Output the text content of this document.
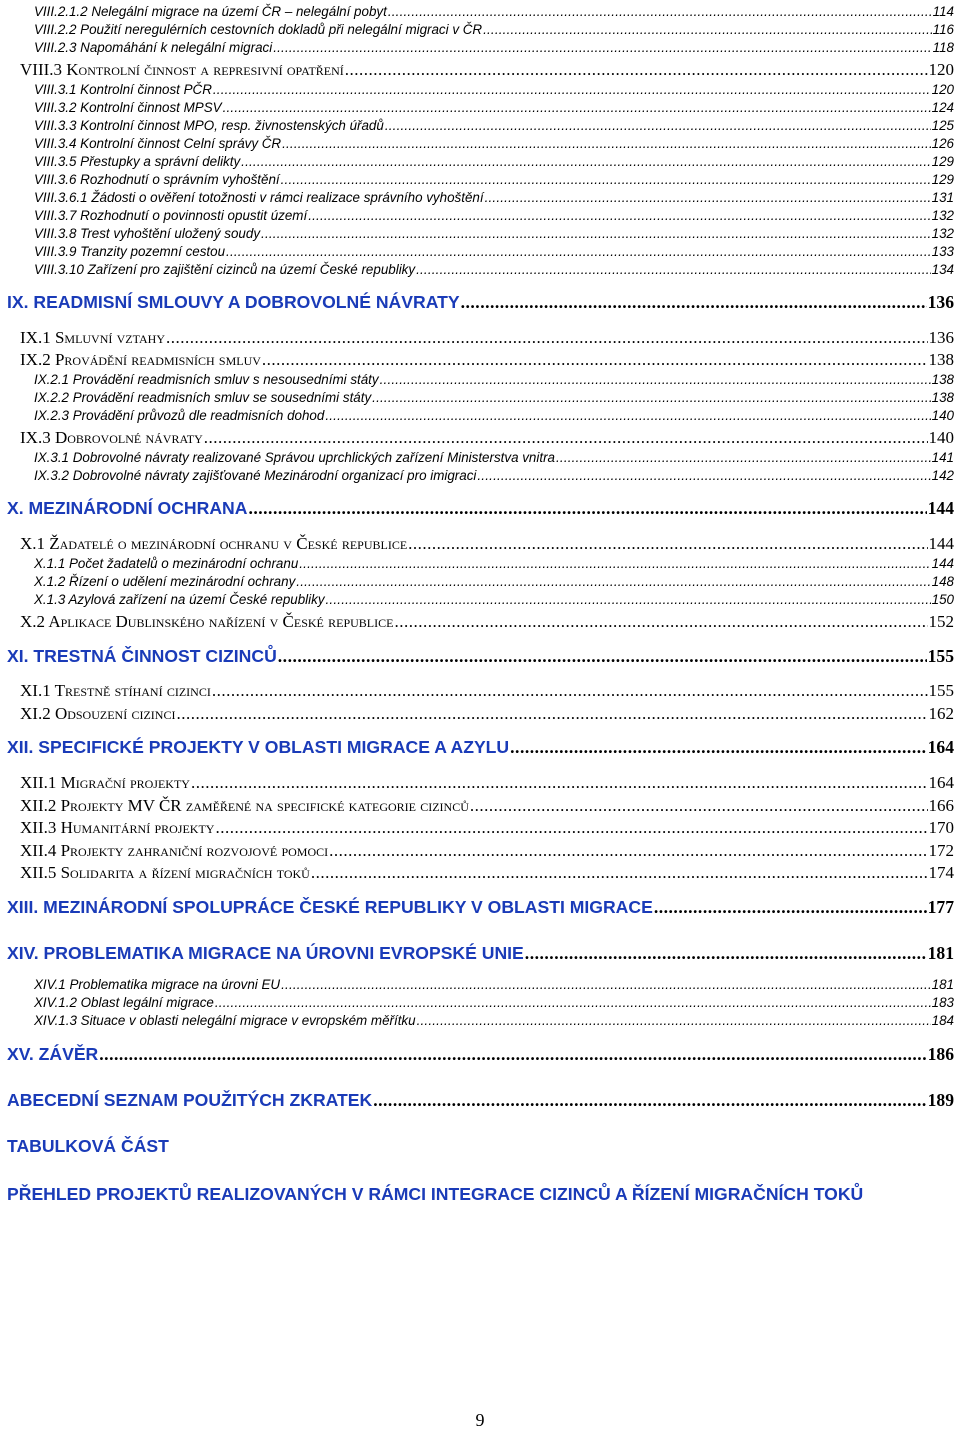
VIII.2.1.2 Nelegální migrace na území ČR – nelegální pobyt .....	114
VIII.2.2 Použití neregulérních cestovních dokladů při nelegální migraci v ČR .....	116
VIII.2.3 Napomáhání k nelegální migraci .....	118
VIII.3 Kontrolní činnost a represivní opatření .....	120
VIII.3.1 Kontrolní činnost PČR .....	120
VIII.3.2 Kontrolní činnost MPSV .....	124
VIII.3.3 Kontrolní činnost MPO, resp. živnostenských úřadů .....	125
VIII.3.4 Kontrolní činnost Celní správy ČR .....	126
VIII.3.5 Přestupky a správní delikty .....	129
VIII.3.6 Rozhodnutí o správním vyhoštění .....	129
VIII.3.6.1 Žádosti o ověření totožnosti v rámci realizace správního vyhoštění .....	131
VIII.3.7 Rozhodnutí o povinnosti opustit území .....	132
VIII.3.8 Trest vyhoštění uložený soudy .....	132
VIII.3.9 Tranzity pozemní cestou .....	133
VIII.3.10 Zařízení pro zajištění cizinců na území České republiky .....	134
IX. READMISNÍ SMLOUVY A DOBROVOLNÉ NÁVRATY .....	136
IX.1 Smluvní vztahy .....	136
IX.2 Provádění readmisních smluv .....	138
IX.2.1 Provádění readmisních smluv s nesousedními státy .....	138
IX.2.2 Provádění readmisních smluv se sousedními státy .....	138
IX.2.3 Provádění průvozů dle readmisních dohod .....	140
IX.3 Dobrovolné návraty .....	140
IX.3.1 Dobrovolné návraty realizované Správou uprchlických zařízení Ministerstva vnitra .....	141
IX.3.2 Dobrovolné návraty zajišťované Mezinárodní organizací pro imigraci .....	142
X. MEZINÁRODNÍ OCHRANA .....	144
X.1 Žadatelé o mezinárodní ochranu v České republice .....	144
X.1.1 Počet žadatelů o mezinárodní ochranu .....	144
X.1.2 Řízení o udělení mezinárodní ochrany .....	148
X.1.3 Azylová zařízení na území České republiky .....	150
X.2 Aplikace Dublinského nařízení v České republice .....	152
XI. TRESTNÁ ČINNOST CIZINCŮ .....	155
XI.1 Trestně stíhaní cizinci .....	155
XI.2 Odsouzení cizinci .....	162
XII. SPECIFICKÉ PROJEKTY V OBLASTI MIGRACE A AZYLU .....	164
XII.1 Migrační projekty .....	164
XII.2 Projekty MV ČR zaměřené na specifické kategorie cizinců .....	166
XII.3 Humanitární projekty .....	170
XII.4 Projekty zahraniční rozvojové pomoci .....	172
XII.5 Solidarita a řízení migračních toků .....	174
XIII. MEZINÁRODNÍ SPOLUPRÁCE ČESKÉ REPUBLIKY V OBLASTI MIGRACE .....	177
XIV. PROBLEMATIKA MIGRACE NA ÚROVNI EVROPSKÉ UNIE .....	181
XIV.1 Problematika migrace na úrovni EU .....	181
XIV.1.2 Oblast legální migrace .....	183
XIV.1.3 Situace v oblasti nelegální migrace v evropském měřítku .....	184
XV. ZÁVĚR .....	186
ABECEDNÍ SEZNAM POUŽITÝCH ZKRATEK .....	189
TABULKOVÁ ČÁST
PŘEHLED PROJEKTŮ REALIZOVANÝCH V RÁMCI INTEGRACE CIZINCŮ A ŘÍZENÍ MIGRAČNÍCH TOKŮ
9
